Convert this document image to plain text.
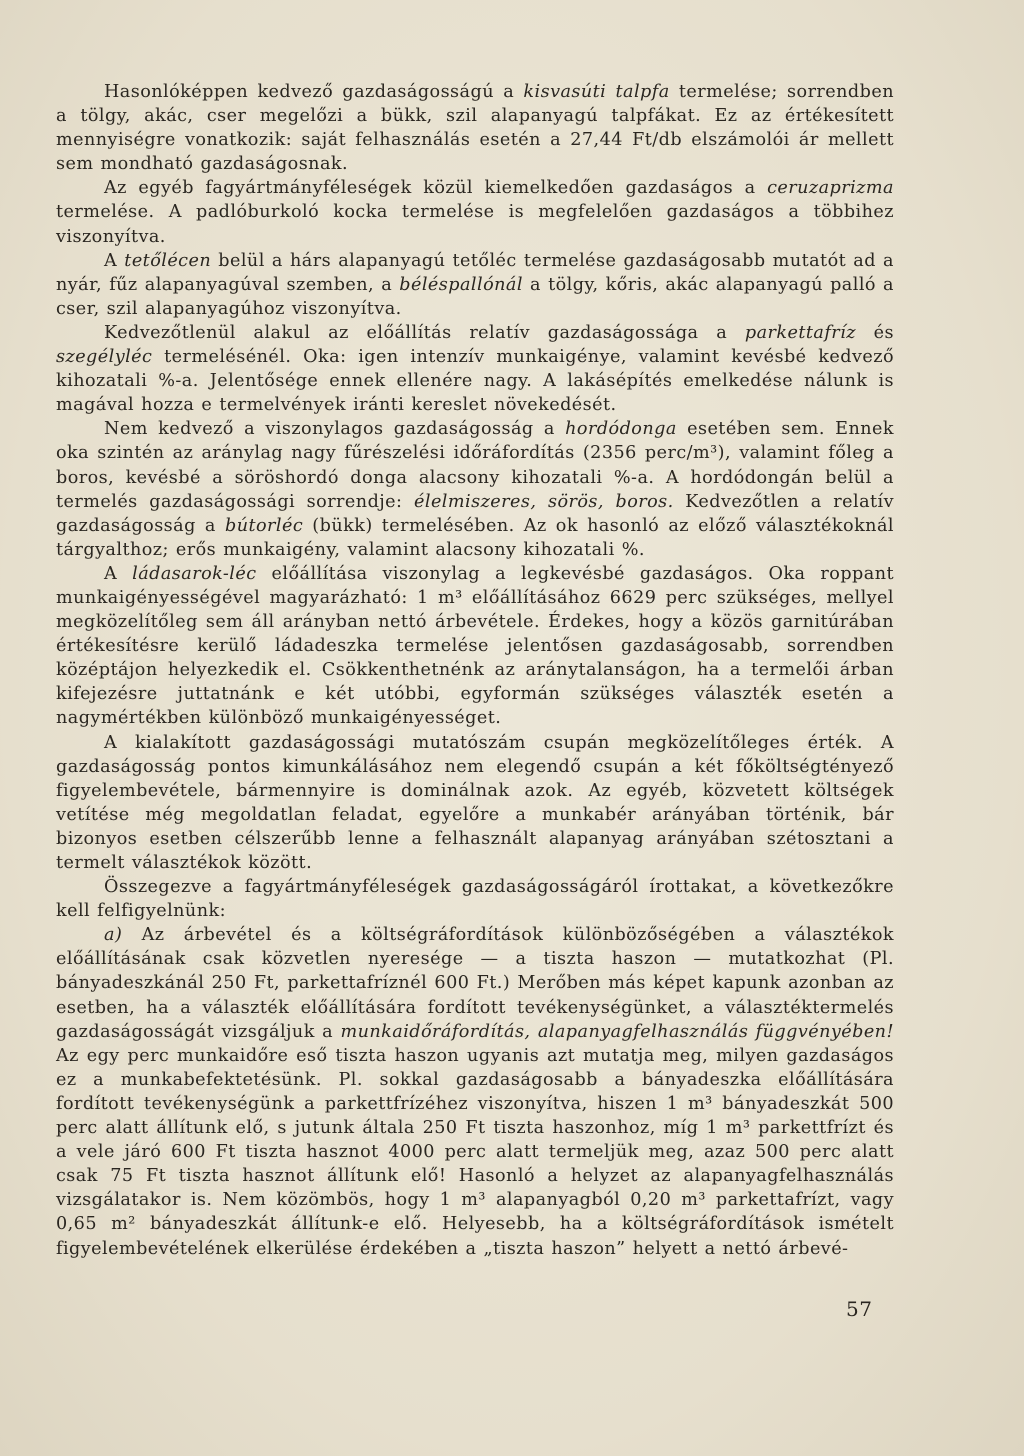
Hasonlóképpen kedvező gazdaságosságú a kisvasúti talpfa termelése; sorrendben a tölgy, akác, cser megelőzi a bükk, szil alapanyagú talpfákat. Ez az értékesített mennyiségre vonatkozik: saját felhasználás esetén a 27,44 Ft/db elszámolói ár mellett sem mondható gazdaságosnak.

Az egyéb fagyártmányféleségek közül kiemelkedően gazdaságos a ceruzaprizma termelése. A padlóburkoló kocka termelése is megfelelően gazdaságos a többihez viszonyítva.

A tetőlécen belül a hárs alapanyagú tetőléc termelése gazdaságosabb mutatót ad a nyár, fűz alapanyagúval szemben, a béléspallónál a tölgy, kőris, akác alapanyagú palló a cser, szil alapanyagúhoz viszonyítva.

Kedvezőtlenül alakul az előállítás relatív gazdaságossága a parkettafríz és szegélyléc termelésénél. Oka: igen intenzív munkaigénye, valamint kevésbé kedvező kihozatali %-a. Jelentősége ennek ellenére nagy. A lakásépítés emelkedése nálunk is magával hozza e termelvények iránti kereslet növekedését.

Nem kedvező a viszonylagos gazdaságosság a hordódonga esetében sem. Ennek oka szintén az aránylag nagy fűrészelési időráfordítás (2356 perc/m³), valamint főleg a boros, kevésbé a söröshordó donga alacsony kihozatali %-a. A hordódongán belül a termelés gazdaságossági sorrendje: élelmiszeres, sörös, boros. Kedvezőtlen a relatív gazdaságosság a bútorléc (bükk) termelésében. Az ok hasonló az előző választékoknál tárgyalthoz; erős munkaigény, valamint alacsony kihozatali %.

A ládasarok-léc előállítása viszonylag a legkevésbé gazdaságos. Oka roppant munkaigényességével magyarázható: 1 m³ előállításához 6629 perc szükséges, mellyel megközelítőleg sem áll arányban nettó árbevétele. Érdekes, hogy a közös garnitúrában értékesítésre kerülő ládadeszka termelése jelentősen gazdaságosabb, sorrendben középtájon helyezkedik el. Csökkenthetnénk az aránytalanságon, ha a termelői árban kifejezésre juttatnánk e két utóbbi, egyformán szükséges választék esetén a nagymértékben különböző munkaigényességet.

A kialakított gazdaságossági mutatószám csupán megközelítőleges érték. A gazdaságosság pontos kimunkálásához nem elegendő csupán a két főköltségtényező figyelembevétele, bármennyire is dominálnak azok. Az egyéb, közvetett költségek vetítése még megoldatlan feladat, egyelőre a munkabér arányában történik, bár bizonyos esetben célszerűbb lenne a felhasznált alapanyag arányában szétosztani a termelt választékok között.

Összegezve a fagyártmányféleségek gazdaságosságáról írottakat, a következőkre kell felfigyelnünk:

a) Az árbevétel és a költségráfordítások különbözőségében a választékok előállításának csak közvetlen nyeresége — a tiszta haszon — mutatkozhat (Pl. bányadeszkánál 250 Ft, parkettafríznél 600 Ft.) Merőben más képet kapunk azonban az esetben, ha a választék előállítására fordított tevékenységünket, a választéktermelés gazdaságosságát vizsgáljuk a munkaidőráfordítás, alapanyagfelhasználás függvényében! Az egy perc munkaidőre eső tiszta haszon ugyanis azt mutatja meg, milyen gazdaságos ez a munkabefektetésünk. Pl. sokkal gazdaságosabb a bányadeszka előállítására fordított tevékenységünk a parkettfrízéhez viszonyítva, hiszen 1 m³ bányadeszkát 500 perc alatt állítunk elő, s jutunk általa 250 Ft tiszta haszonhoz, míg 1 m³ parkettfrízt és a vele járó 600 Ft tiszta hasznot 4000 perc alatt termeljük meg, azaz 500 perc alatt csak 75 Ft tiszta hasznot állítunk elő! Hasonló a helyzet az alapanyagfelhasználás vizsgálatakor is. Nem közömbös, hogy 1 m³ alapanyagból 0,20 m³ parkettafrízt, vagy 0,65 m² bányadeszkát állítunk-e elő. Helyesebb, ha a költségráfordítások ismételt figyelembevételének elkerülése érdekében a „tiszta haszon” helyett a nettó árbevé-

57
